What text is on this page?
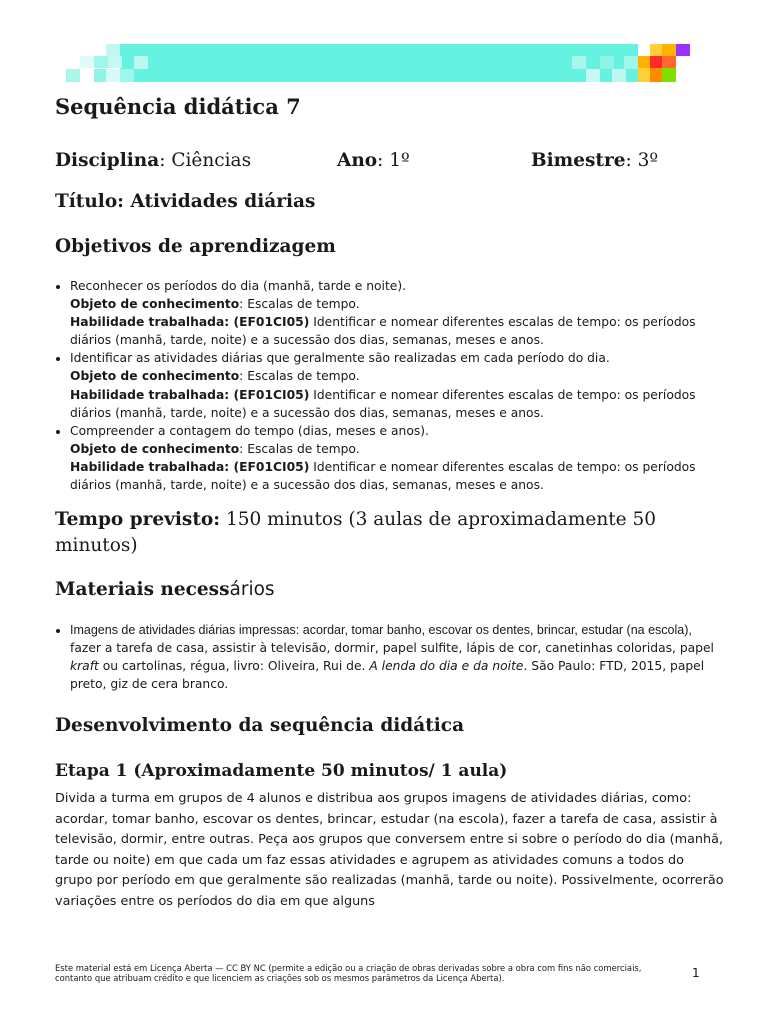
Sequência didática 7
Disciplina: Ciências	Ano: 1º	Bimestre: 3º
Título: Atividades diárias
Objetivos de aprendizagem
• Reconhecer os períodos do dia (manhã, tarde e noite).
Objeto de conhecimento: Escalas de tempo.
Habilidade trabalhada: (EF01CI05) Identificar e nomear diferentes escalas de tempo: os períodos diários (manhã, tarde, noite) e a sucessão dos dias, semanas, meses e anos.
• Identificar as atividades diárias que geralmente são realizadas em cada período do dia.
Objeto de conhecimento: Escalas de tempo.
Habilidade trabalhada: (EF01CI05) Identificar e nomear diferentes escalas de tempo: os períodos diários (manhã, tarde, noite) e a sucessão dos dias, semanas, meses e anos.
• Compreender a contagem do tempo (dias, meses e anos).
Objeto de conhecimento: Escalas de tempo.
Habilidade trabalhada: (EF01CI05) Identificar e nomear diferentes escalas de tempo: os períodos diários (manhã, tarde, noite) e a sucessão dos dias, semanas, meses e anos.
Tempo previsto: 150 minutos (3 aulas de aproximadamente 50 minutos)
Materiais necessários
• Imagens de atividades diárias impressas: acordar, tomar banho, escovar os dentes, brincar, estudar (na escola), fazer a tarefa de casa, assistir à televisão, dormir, papel sulfite, lápis de cor, canetinhas coloridas, papel kraft ou cartolinas, régua, livro: Oliveira, Rui de. A lenda do dia e da noite. São Paulo: FTD, 2015, papel preto, giz de cera branco.
Desenvolvimento da sequência didática
Etapa 1 (Aproximadamente 50 minutos/ 1 aula)

Divida a turma em grupos de 4 alunos e distribua aos grupos imagens de atividades diárias, como: acordar, tomar banho, escovar os dentes, brincar, estudar (na escola), fazer a tarefa de casa, assistir à televisão, dormir, entre outras. Peça aos grupos que conversem entre si sobre o período do dia (manhã, tarde ou noite) em que cada um faz essas atividades e agrupem as atividades comuns a todos do grupo por período em que geralmente são realizadas (manhã, tarde ou noite). Possivelmente, ocorrerão variações entre os períodos do dia em que alguns

Este material está em Licença Aberta — CC BY NC (permite a edição ou a criação de obras derivadas sobre a obra com fins não comerciais, contanto que atribuam crédito e que licenciem as criações sob os mesmos parâmetros da Licença Aberta).	1
